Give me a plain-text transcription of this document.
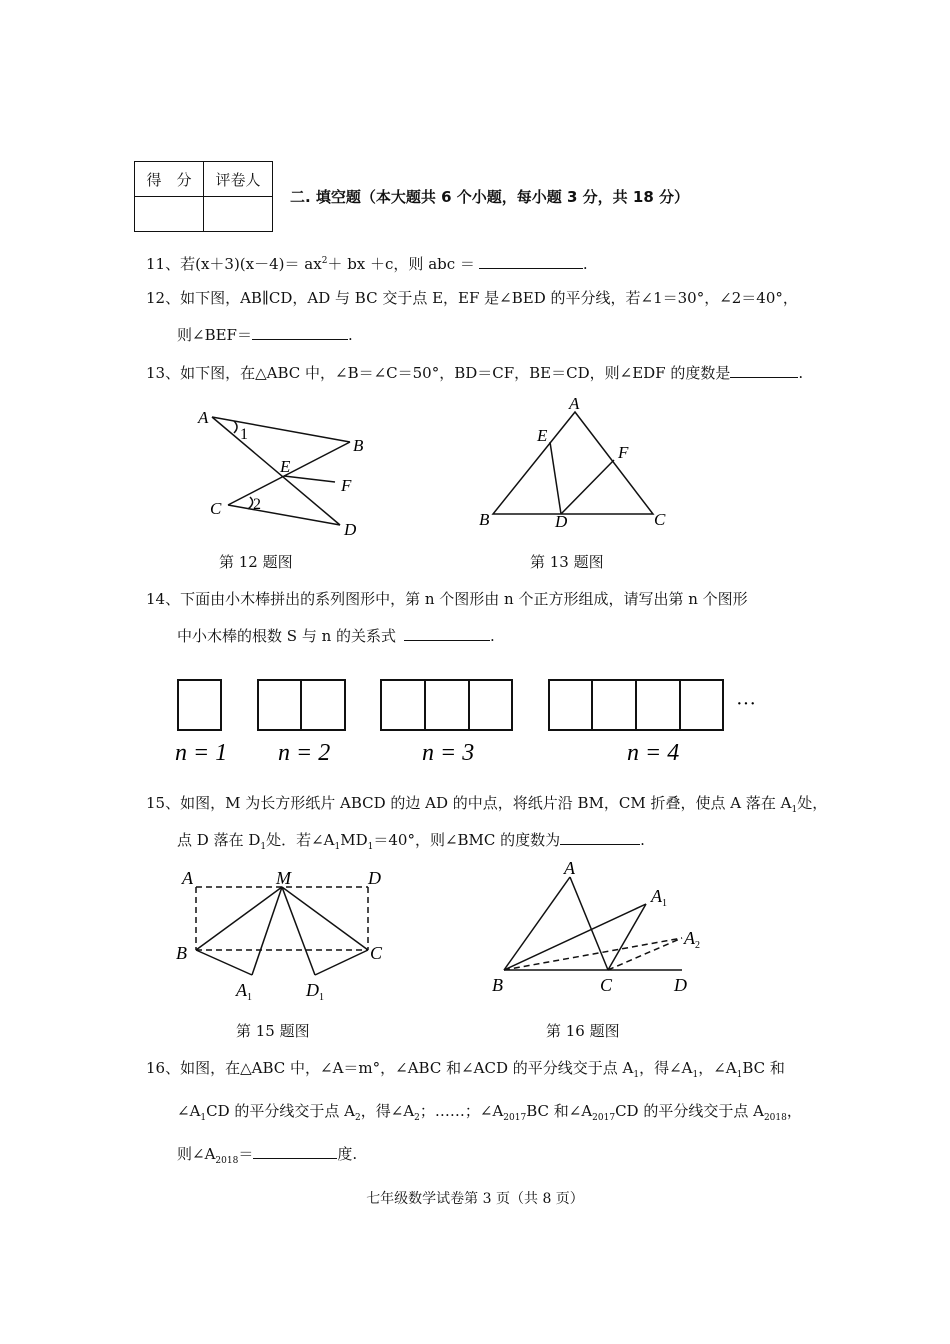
得　分	评卷人

二. 填空题（本大题共 6 个小题，每小题 3 分，共 18 分）
11、若$(x+3)(x-4)= ax^2+$ bx ＋c，则 abc ＝	.
12、如下图，AB∥CD，AD 与 BC 交于点 E，EF 是∠BED 的平分线，若∠1＝30°，∠2＝40°，
则∠BEF＝	.
13、如下图，在△ABC 中，∠B＝∠C＝50°，BD＝CF，BE＝CD，则∠EDF 的度数是	.
A
B
C
D
E
F
1
2
第 12 题图
A
B	C
D
E
F
第 13 题图
14、下面由小木棒拼出的系列图形中，第 n 个图形由 n 个正方形组成，请写出第 n 个图形
中小木棒的根数 S 与 n 的关系式	.
···
n = 1 n = 2	n = 3	n = 4
15、如图，M 为长方形纸片 ABCD 的边 AD 的中点，将纸片沿 BM，CM 折叠，使点 A 落在 $A_1$处，
点 D 落在 $D_1$处．若$\angle A_1MD_1=40^\circ$，则∠BMC 的度数为	.
A	M	D
B	C
$A_1$	$D_1$
第 15 题图
A
$A_1$
$A_2$
B	C	D
第 16 题图
16、如图，在△ABC 中，∠A＝m°，∠ABC 和∠ACD 的平分线交于点 $A_1$，得$\angle A_1$，$\angle A_1BC$ 和
$\angle A_1CD$ 的平分线交于点 $A_2$，得$\angle A_2$；……；$\angle A_{2017}BC$ 和$\angle A_{2017}CD$ 的平分线交于点 $A_{2018}$，
则$\angle A_{2018}=$	度.
七年级数学试卷第 3 页（共 8 页）
